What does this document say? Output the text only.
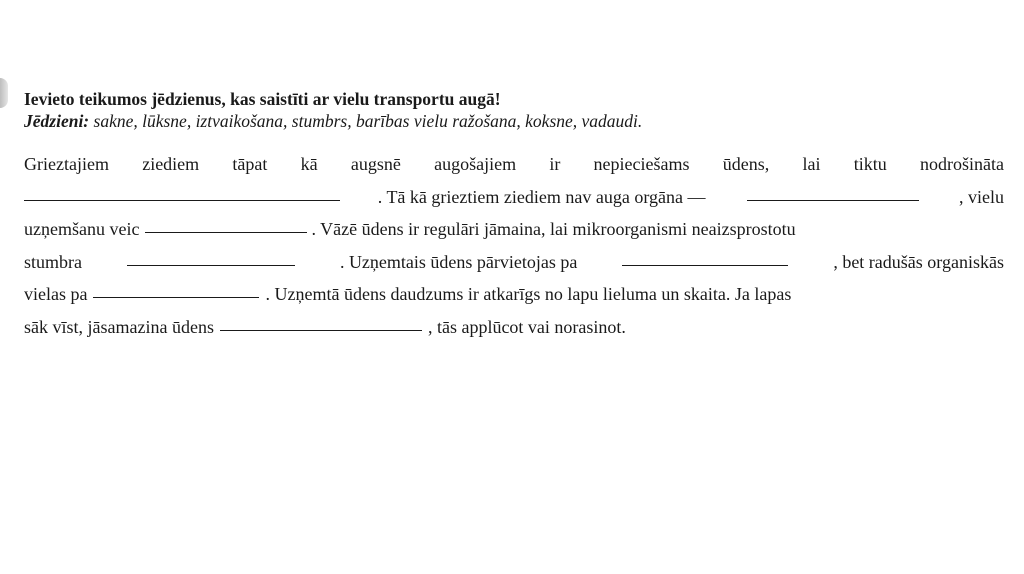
Ievieto teikumos jēdzienus, kas saistīti ar vielu transportu augā!

Jēdzieni: sakne, lūksne, iztvaikošana, stumbrs, barības vielu ražošana, koksne, vadaudi.

Grieztajiem ziediem tāpat kā augsnē augošajiem ir nepieciešams ūdens, lai tiktu nodrošināta
. Tā kā grieztiem ziediem nav auga orgāna —	, vielu
uzņemšanu veic	. Vāzē ūdens ir regulāri jāmaina, lai mikroorganismi neaizsprostotu
stumbra	. Uzņemtais ūdens pārvietojas pa	, bet radušās organiskās
vielas pa	. Uzņemtā ūdens daudzums ir atkarīgs no lapu lieluma un skaita. Ja lapas
sāk vīst, jāsamazina ūdens	, tās applūcot vai norasinot.
